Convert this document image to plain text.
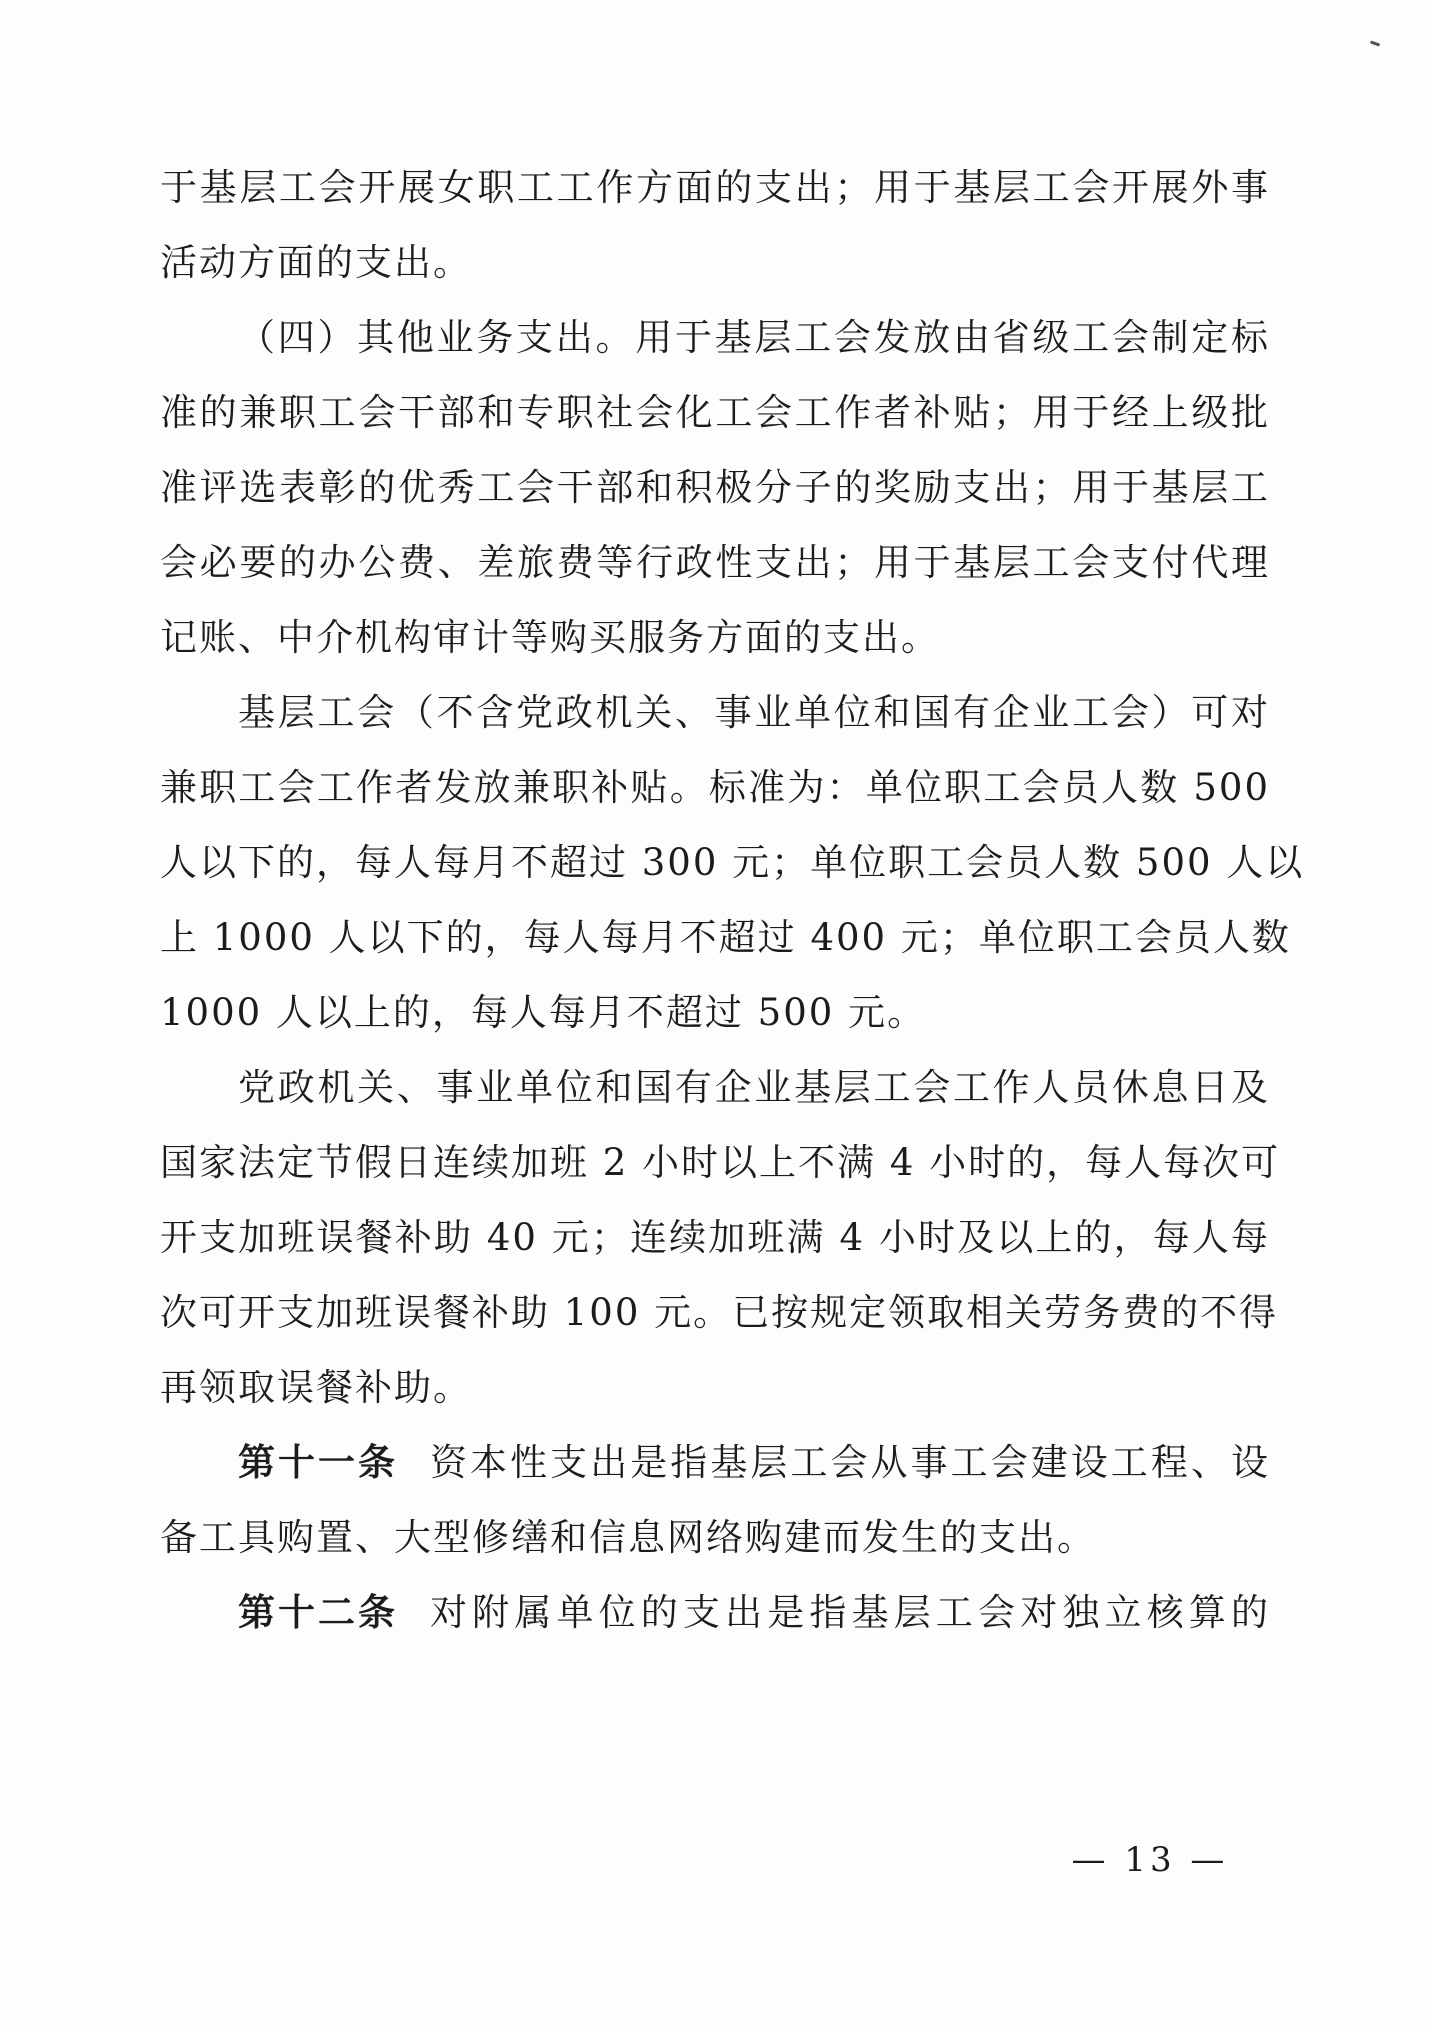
于基层工会开展女职工工作方面的支出；用于基层工会开展外事
活动方面的支出。
（四）其他业务支出。用于基层工会发放由省级工会制定标
准的兼职工会干部和专职社会化工会工作者补贴；用于经上级批
准评选表彰的优秀工会干部和积极分子的奖励支出；用于基层工
会必要的办公费、差旅费等行政性支出；用于基层工会支付代理
记账、中介机构审计等购买服务方面的支出。
基层工会（不含党政机关、事业单位和国有企业工会）可对
兼职工会工作者发放兼职补贴。标准为：单位职工会员人数 500
人以下的，每人每月不超过 300 元；单位职工会员人数 500 人以
上 1000 人以下的，每人每月不超过 400 元；单位职工会员人数
1000 人以上的，每人每月不超过 500 元。
党政机关、事业单位和国有企业基层工会工作人员休息日及
国家法定节假日连续加班 2 小时以上不满 4 小时的，每人每次可
开支加班误餐补助 40 元；连续加班满 4 小时及以上的，每人每
次可开支加班误餐补助 100 元。已按规定领取相关劳务费的不得
再领取误餐补助。
第十一条 资本性支出是指基层工会从事工会建设工程、设
备工具购置、大型修缮和信息网络购建而发生的支出。
第十二条 对附属单位的支出是指基层工会对独立核算的
— 13 —
